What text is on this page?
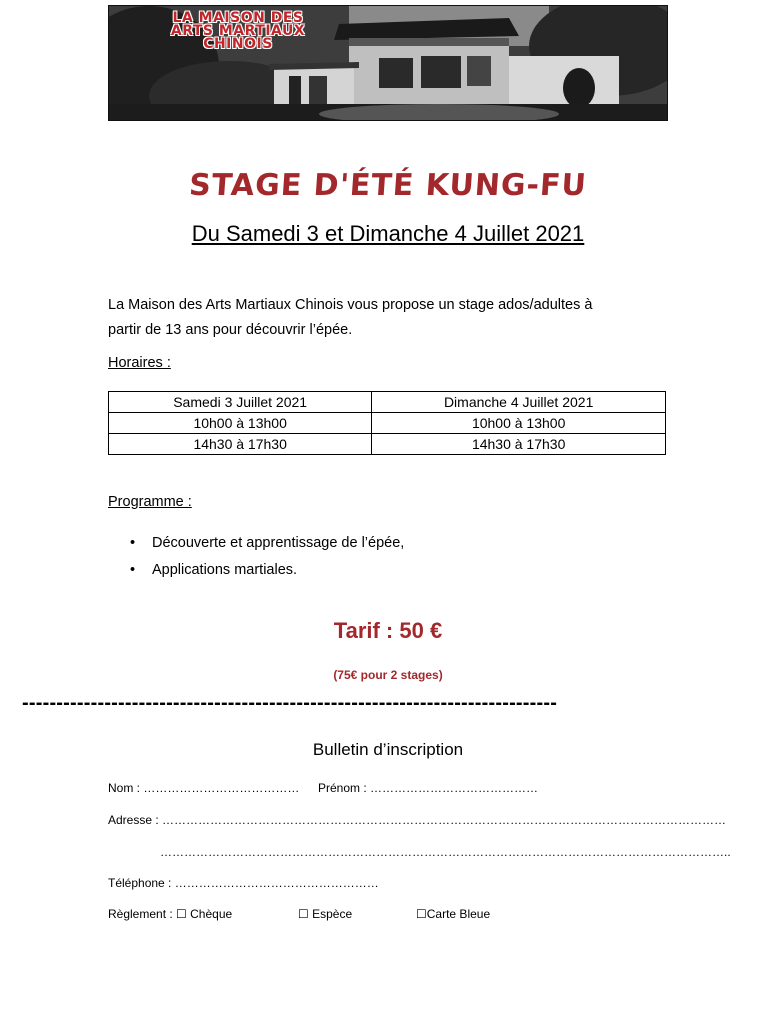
LA MAISON DES
ARTS MARTIAUX
CHINOIS
STAGE D'ÉTÉ KUNG-FU
Du Samedi 3 et Dimanche 4 Juillet 2021
La Maison des Arts Martiaux Chinois vous propose un stage ados/adultes à
partir de 13 ans pour découvrir l’épée.
Horaires :
Samedi 3 Juillet 2021	Dimanche 4 Juillet 2021
10h00 à 13h00	10h00 à 13h00
14h30 à 17h30	14h30 à 17h30
Programme :
• Découverte et apprentissage de l’épée,
• Applications martiales.
Tarif : 50 €
(75€ pour 2 stages)
------------------------------------------------------------------------------
Bulletin d’inscription
Nom : ………………………………… Prénom : ……………………………………
Adresse : ……………………………………………………………………………………………………………………………
……………………………………………………………………………………………………………………………..
Téléphone : ……………………………………………
Règlement : ☐ Chèque	☐ Espèce	☐Carte Bleue
